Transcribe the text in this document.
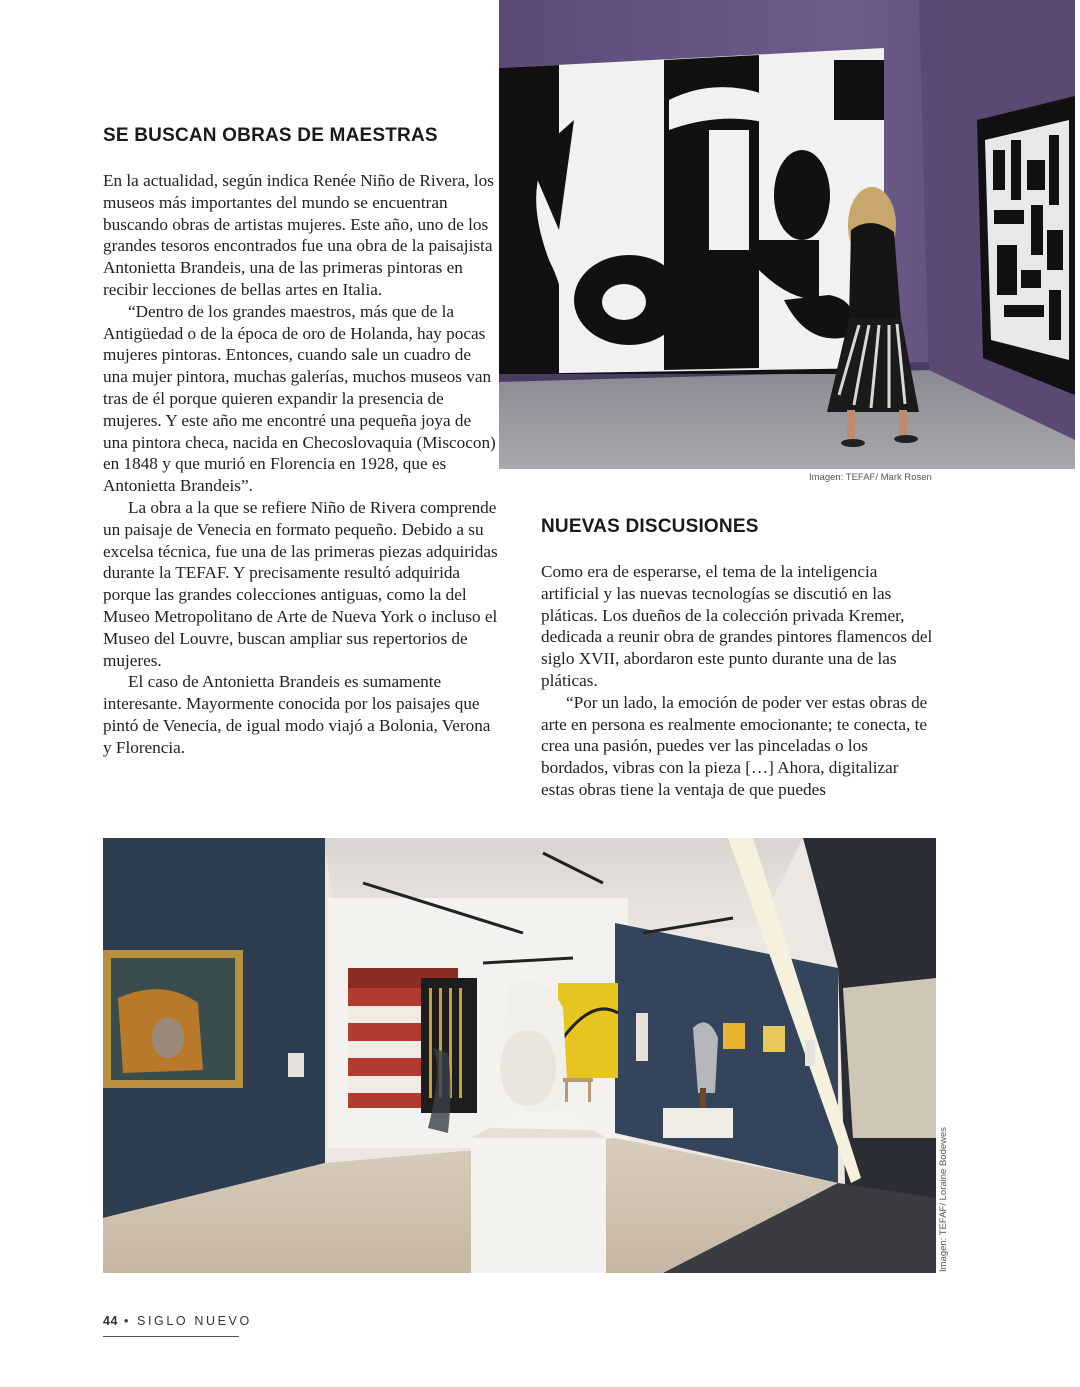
SE BUSCAN OBRAS DE MAESTRAS

En la actualidad, según indica Renée Niño de Rivera, los museos más importantes del mundo se encuentran buscando obras de artistas mujeres. Este año, uno de los grandes tesoros encontrados fue una obra de la paisajista Antonietta Brandeis, una de las primeras pintoras en recibir lecciones de bellas artes en Italia.

“Dentro de los grandes maestros, más que de la Antigüedad o de la época de oro de Holanda, hay pocas mujeres pintoras. Entonces, cuando sale un cuadro de una mujer pintora, muchas galerías, muchos museos van tras de él porque quieren expandir la presencia de mujeres. Y este año me encontré una pequeña joya de una pintora checa, nacida en Checoslovaquia (Miscocon) en 1848 y que murió en Florencia en 1928, que es Antonietta Brandeis”.

La obra a la que se refiere Niño de Rivera comprende un paisaje de Venecia en formato pequeño. Debido a su excelsa técnica, fue una de las primeras piezas adquiridas durante la TEFAF. Y precisamente resultó adquirida porque las grandes colecciones antiguas, como la del Museo Metropolitano de Arte de Nueva York o incluso el Museo del Louvre, buscan ampliar sus repertorios de mujeres.

El caso de Antonietta Brandeis es sumamente interesante. Mayormente conocida por los paisajes que pintó de Venecia, de igual modo viajó a Bolonia, Verona y Florencia.

Imagen: TEFAF/ Mark Rosen
NUEVAS DISCUSIONES

Como era de esperarse, el tema de la inteligencia artificial y las nuevas tecnologías se discutió en las pláticas. Los dueños de la colección privada Kremer, dedicada a reunir obra de grandes pintores flamencos del siglo XVII, abordaron este punto durante una de las pláticas.

“Por un lado, la emoción de poder ver estas obras de arte en persona es realmente emocionante; te conecta, te crea una pasión, puedes ver las pinceladas o los bordados, vibras con la pieza […] Ahora, digitalizar estas obras tiene la ventaja de que puedes

Imagen: TEFAF/ Loraine Bodewes
44 • SIGLO NUEVO
